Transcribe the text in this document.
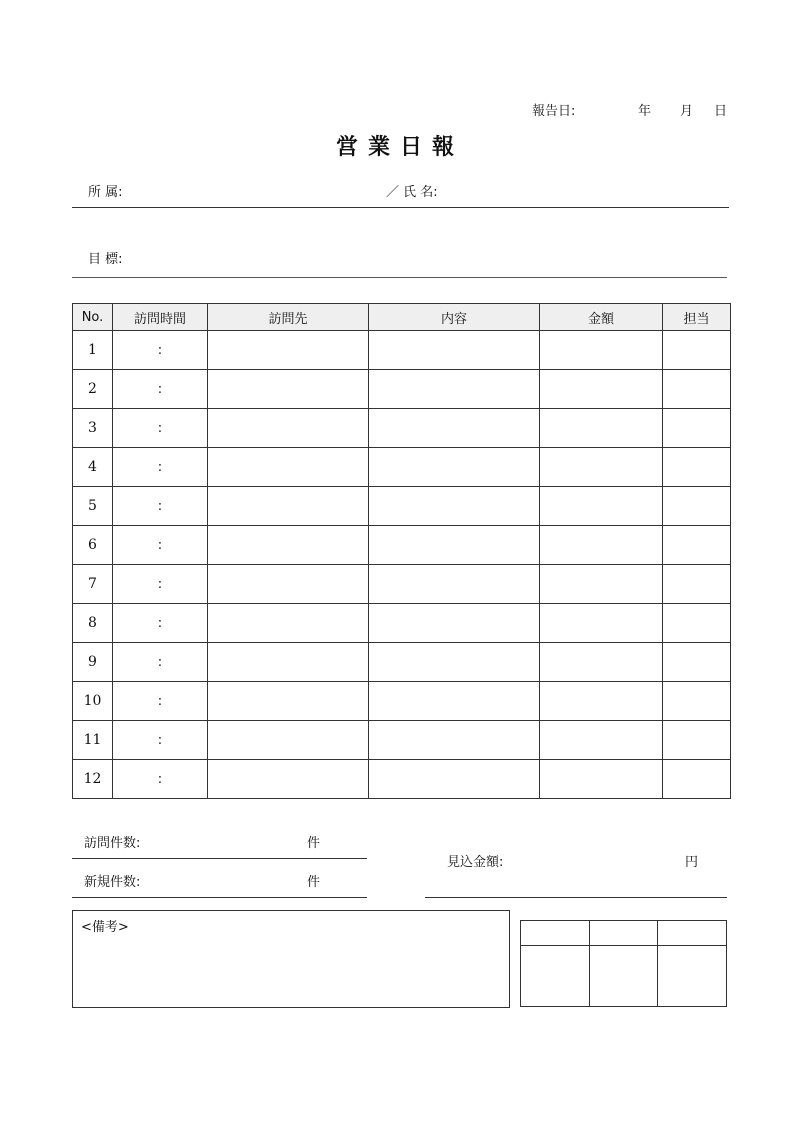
報告日:	年 月 日
営業日報
所 属:	／ 氏 名:
目 標:
No.	訪問時間	訪問先	内容	金額	担当
1	:				
2	:				
3	:				
4	:				
5	:				
6	:				
7	:				
8	:				
9	:				
10	:				
11	:				
12	:				
訪問件数:	件
新規件数:	件
見込金額:	円
<備考>
